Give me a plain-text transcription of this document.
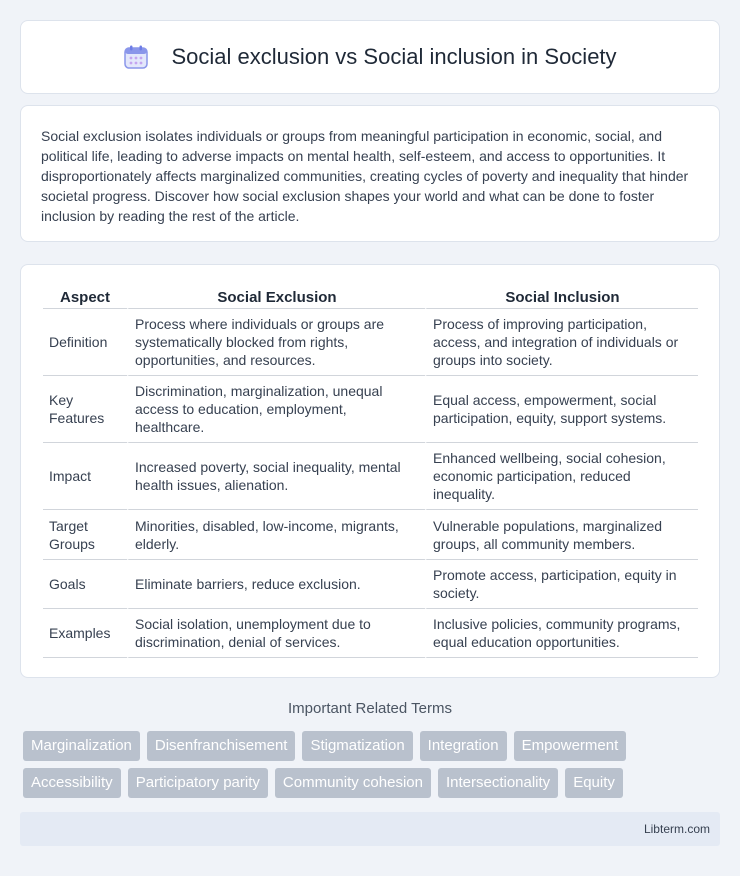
Social exclusion vs Social inclusion in Society

Social exclusion isolates individuals or groups from meaningful participation in economic, social, and political life, leading to adverse impacts on mental health, self-esteem, and access to opportunities. It disproportionately affects marginalized communities, creating cycles of poverty and inequality that hinder societal progress. Discover how social exclusion shapes your world and what can be done to foster inclusion by reading the rest of the article.

Aspect	Social Exclusion	Social Inclusion
Definition	Process where individuals or groups are systematically blocked from rights, opportunities, and resources.	Process of improving participation, access, and integration of individuals or groups into society.
Key Features	Discrimination, marginalization, unequal access to education, employment, healthcare.	Equal access, empowerment, social participation, equity, support systems.
Impact	Increased poverty, social inequality, mental health issues, alienation.	Enhanced wellbeing, social cohesion, economic participation, reduced inequality.
Target Groups	Minorities, disabled, low-income, migrants, elderly.	Vulnerable populations, marginalized groups, all community members.
Goals	Eliminate barriers, reduce exclusion.	Promote access, participation, equity in society.
Examples	Social isolation, unemployment due to discrimination, denial of services.	Inclusive policies, community programs, equal education opportunities.
Important Related Terms
Marginalization	Disenfranchisement	Stigmatization	Integration	Empowerment
Accessibility	Participatory parity	Community cohesion	Intersectionality	Equity
Libterm.com
